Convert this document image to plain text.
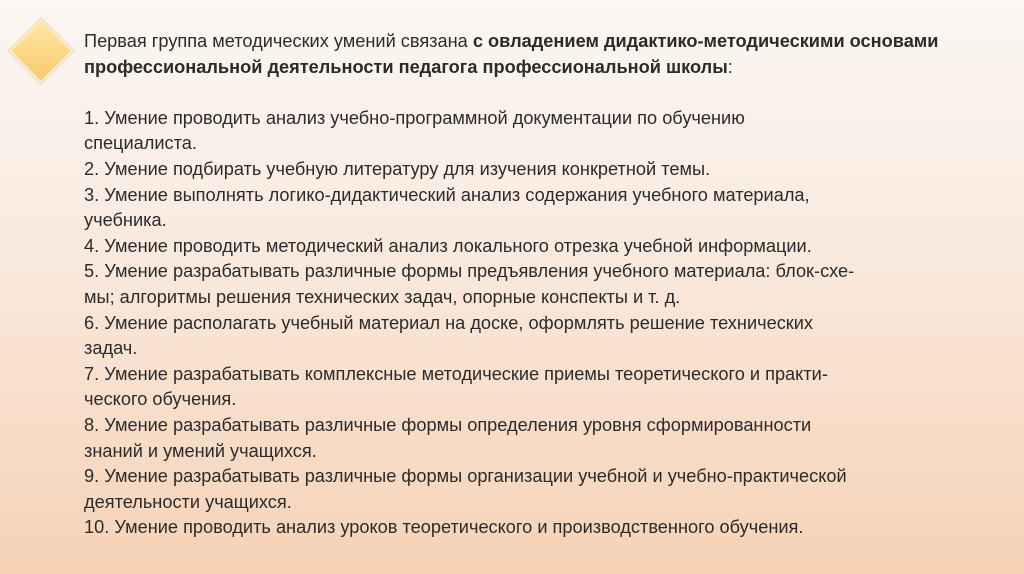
Первая группа методических умений связана с овладением дидактико-методическими основами профессиональной деятельности педагога профессиональной школы:
1. Умение проводить анализ учебно-программной документации по обучению
специалиста.
2. Умение подбирать учебную литературу для изучения конкретной темы.
3. Умение выполнять логико-дидактический анализ содержания учебного материала,
учебника.
4. Умение проводить методический анализ локального отрезка учебной информации.
5. Умение разрабатывать различные формы предъявления учебного материала: блок-схе-
мы; алгоритмы решения технических задач, опорные конспекты и т. д.
6. Умение располагать учебный материал на доске, оформлять решение технических
задач.
7. Умение разрабатывать комплексные методические приемы теоретического и практи-
ческого обучения.
8. Умение разрабатывать различные формы определения уровня сформированности
знаний и умений учащихся.
9. Умение разрабатывать различные формы организации учебной и учебно-практической
деятельности учащихся.
10. Умение проводить анализ уроков теоретического и производственного обучения.
